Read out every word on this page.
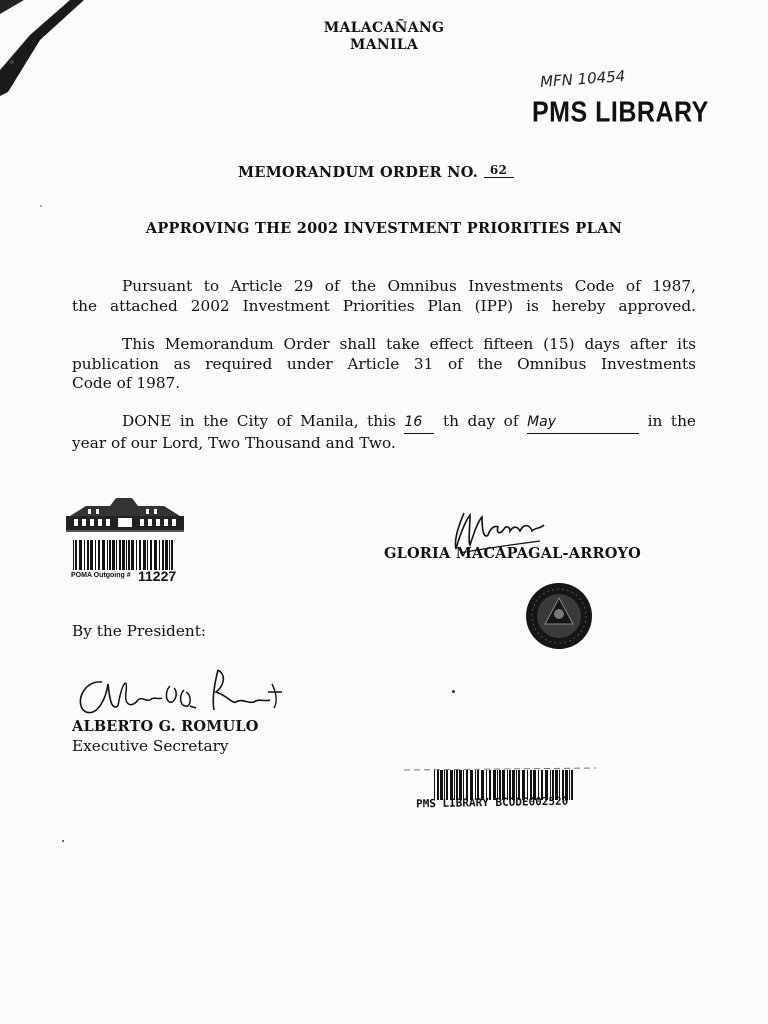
MALACAÑANG
MANILA
MFN 10454
PMS LIBRARY
MEMORANDUM ORDER NO. 62
APPROVING THE 2002 INVESTMENT PRIORITIES PLAN
Pursuant to Article 29 of the Omnibus Investments Code of 1987,
the attached 2002 Investment Priorities Plan (IPP) is hereby approved.
This Memorandum Order shall take effect fifteen (15) days after its
publication as required under Article 31 of the Omnibus Investments
Code of 1987.
DONE in the City of Manila, this 16 th day of May	in the
year of our Lord, Two Thousand and Two.
POMA Outgoing # 11227
GLORIA MACAPAGAL-ARROYO
By the President:
ALBERTO G. ROMULO
Executive Secretary
PMS LIBRARY BCODE002520
